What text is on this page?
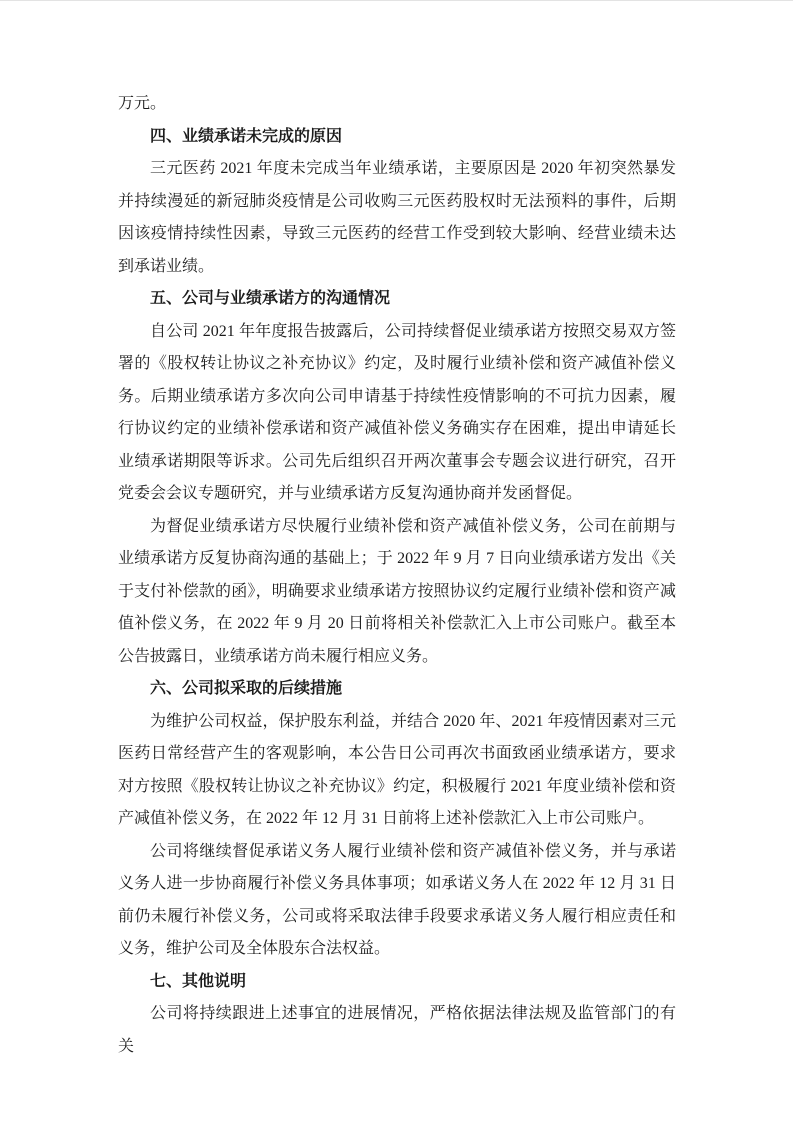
万元。

四、业绩承诺未完成的原因

三元医药 2021 年度未完成当年业绩承诺，主要原因是 2020 年初突然暴发并持续漫延的新冠肺炎疫情是公司收购三元医药股权时无法预料的事件，后期因该疫情持续性因素，导致三元医药的经营工作受到较大影响、经营业绩未达到承诺业绩。

五、公司与业绩承诺方的沟通情况

自公司 2021 年年度报告披露后，公司持续督促业绩承诺方按照交易双方签署的《股权转让协议之补充协议》约定，及时履行业绩补偿和资产减值补偿义务。后期业绩承诺方多次向公司申请基于持续性疫情影响的不可抗力因素，履行协议约定的业绩补偿承诺和资产减值补偿义务确实存在困难，提出申请延长业绩承诺期限等诉求。公司先后组织召开两次董事会专题会议进行研究，召开党委会会议专题研究，并与业绩承诺方反复沟通协商并发函督促。

为督促业绩承诺方尽快履行业绩补偿和资产减值补偿义务，公司在前期与业绩承诺方反复协商沟通的基础上；于 2022 年 9 月 7 日向业绩承诺方发出《关于支付补偿款的函》，明确要求业绩承诺方按照协议约定履行业绩补偿和资产减值补偿义务，在 2022 年 9 月 20 日前将相关补偿款汇入上市公司账户。截至本公告披露日，业绩承诺方尚未履行相应义务。

六、公司拟采取的后续措施

为维护公司权益，保护股东利益，并结合 2020 年、2021 年疫情因素对三元医药日常经营产生的客观影响，本公告日公司再次书面致函业绩承诺方，要求对方按照《股权转让协议之补充协议》约定，积极履行 2021 年度业绩补偿和资产减值补偿义务，在 2022 年 12 月 31 日前将上述补偿款汇入上市公司账户。

公司将继续督促承诺义务人履行业绩补偿和资产减值补偿义务，并与承诺义务人进一步协商履行补偿义务具体事项；如承诺义务人在 2022 年 12 月 31 日前仍未履行补偿义务，公司或将采取法律手段要求承诺义务人履行相应责任和义务，维护公司及全体股东合法权益。

七、其他说明

公司将持续跟进上述事宜的进展情况，严格依据法律法规及监管部门的有关
